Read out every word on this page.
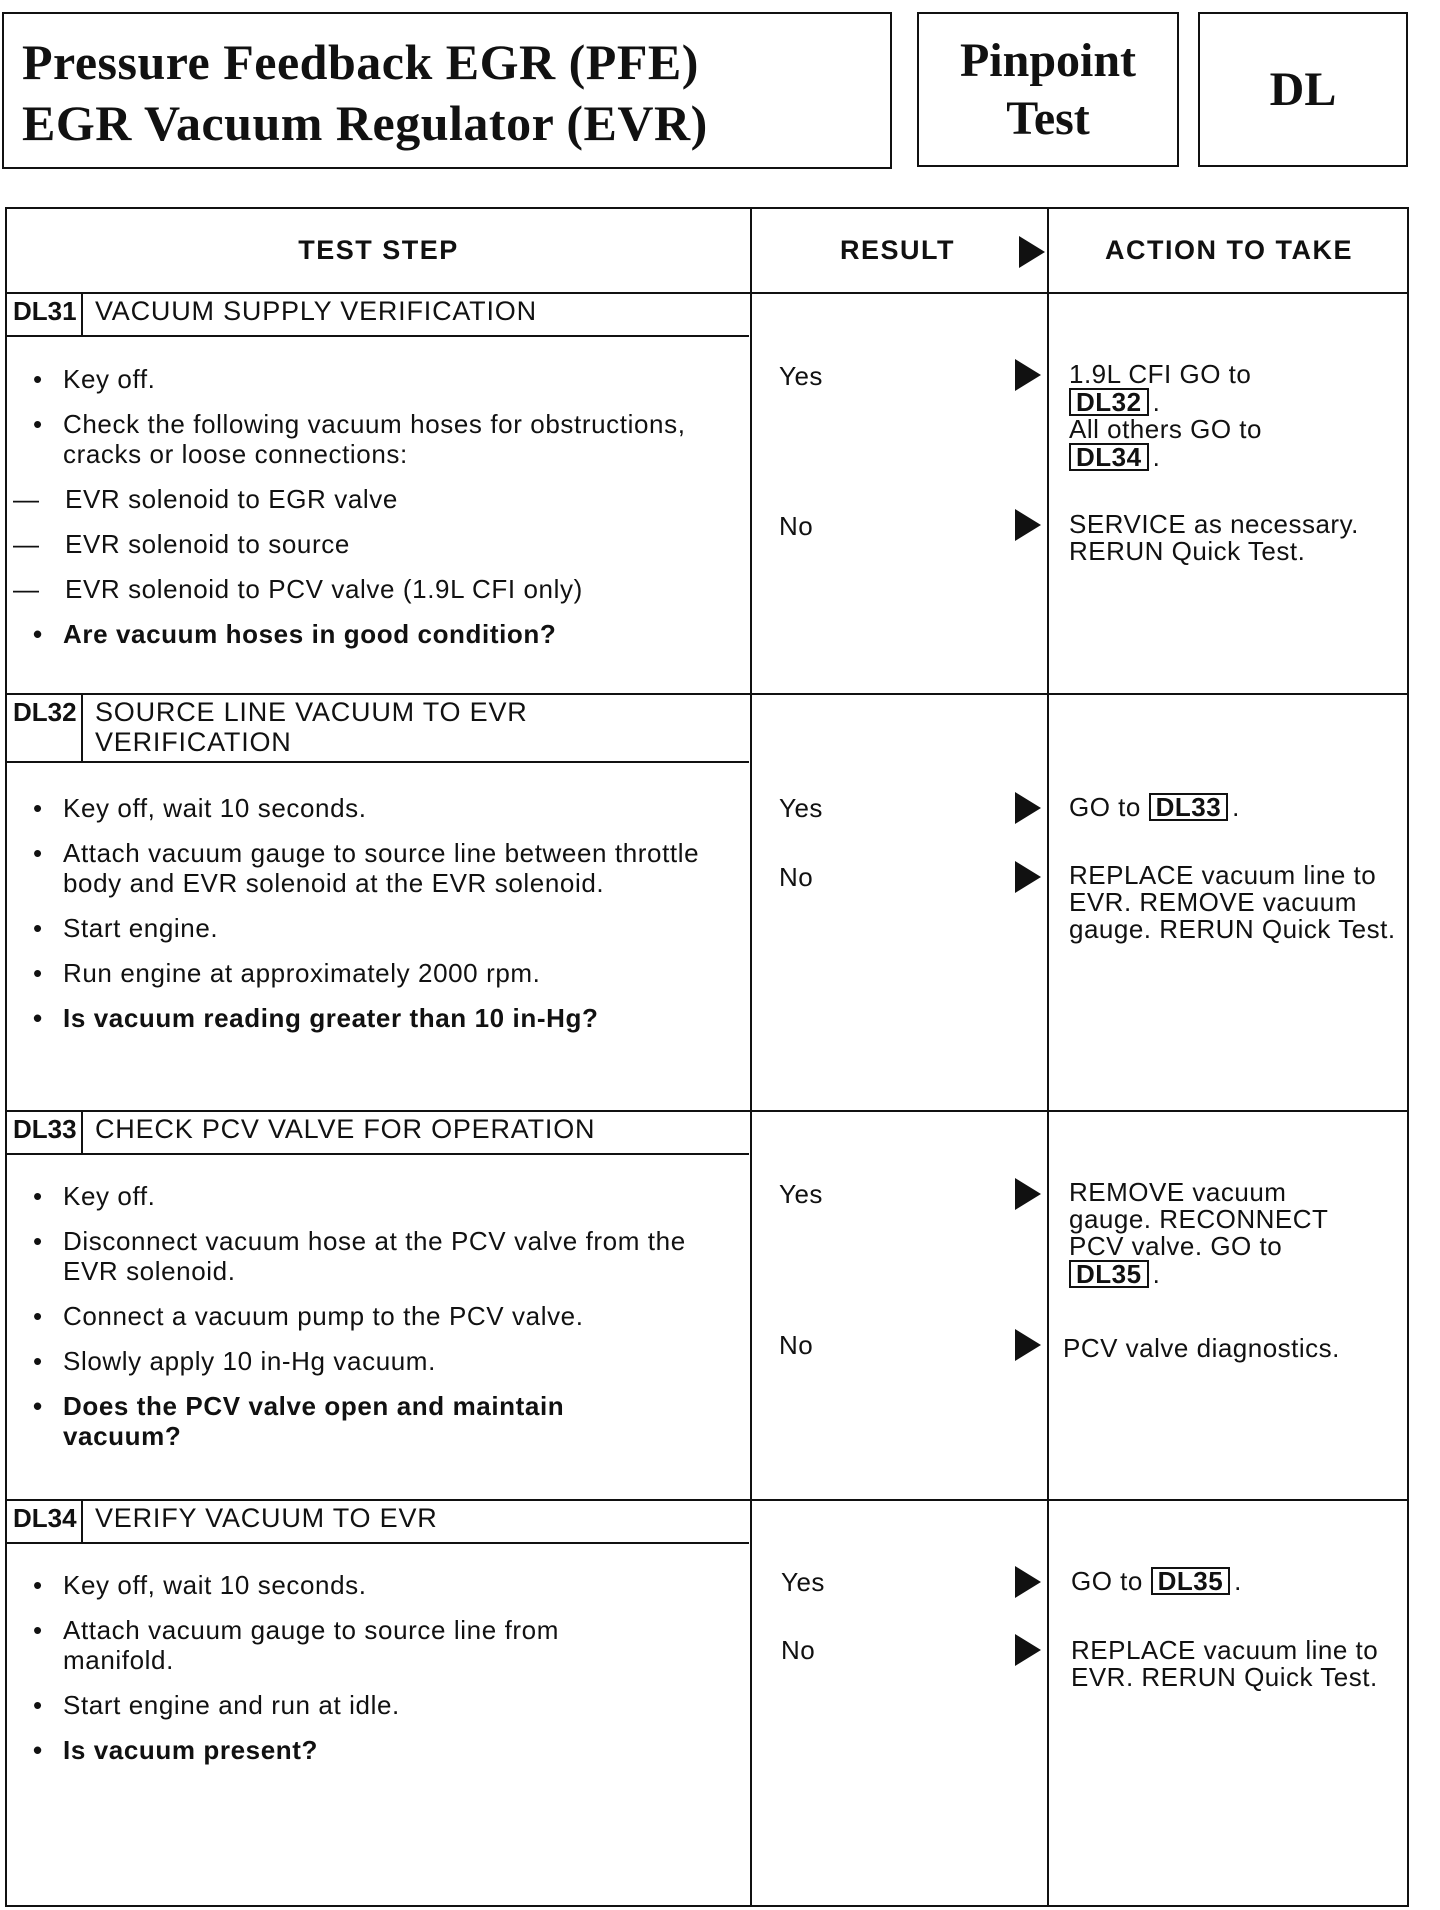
Pressure Feedback EGR (PFE)
EGR Vacuum Regulator (EVR)
Pinpoint
Test
DL
TEST STEP	RESULT	ACTION TO TAKE
DL31 VACUUM SUPPLY VERIFICATION
• Key off.
• Check the following vacuum hoses for obstructions, cracks or loose connections:
— EVR solenoid to EGR valve
— EVR solenoid to source
— EVR solenoid to PCV valve (1.9L CFI only)
• Are vacuum hoses in good condition?
Yes
No
1.9L CFI GO to
DL32 .
All others GO to
DL34 .
SERVICE as necessary. RERUN Quick Test.
DL32 SOURCE LINE VACUUM TO EVR VERIFICATION
• Key off, wait 10 seconds.
• Attach vacuum gauge to source line between throttle body and EVR solenoid at the EVR solenoid.
• Start engine.
• Run engine at approximately 2000 rpm.
• Is vacuum reading greater than 10 in-Hg?
Yes
No
GO to DL33 .
REPLACE vacuum line to EVR. REMOVE vacuum gauge. RERUN Quick Test.
DL33 CHECK PCV VALVE FOR OPERATION
• Key off.
• Disconnect vacuum hose at the PCV valve from the EVR solenoid.
• Connect a vacuum pump to the PCV valve.
• Slowly apply 10 in-Hg vacuum.
• Does the PCV valve open and maintain vacuum?
Yes
No
REMOVE vacuum gauge. RECONNECT PCV valve. GO to
DL35 .
PCV valve diagnostics.
DL34 VERIFY VACUUM TO EVR
• Key off, wait 10 seconds.
• Attach vacuum gauge to source line from manifold.
• Start engine and run at idle.
• Is vacuum present?
Yes
No
GO to DL35 .
REPLACE vacuum line to EVR. RERUN Quick Test.
